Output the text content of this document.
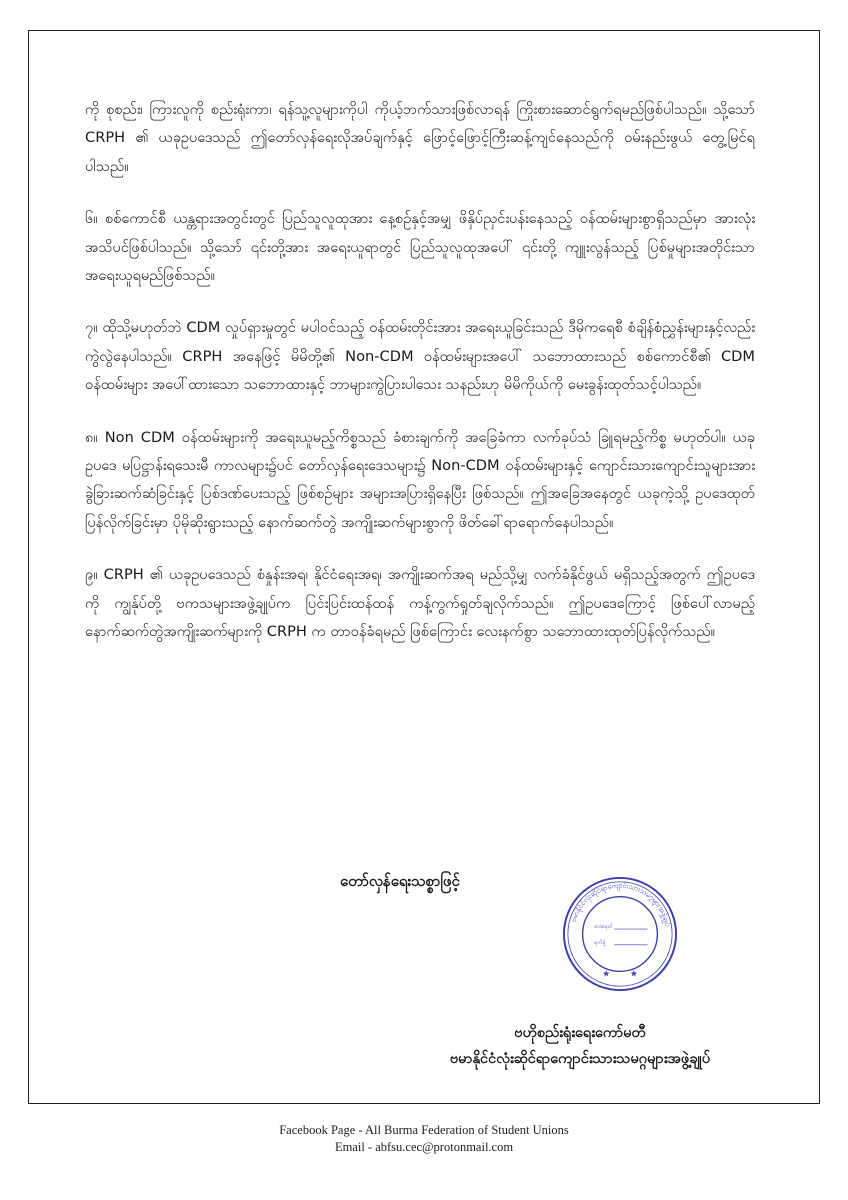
ကို စုစည်း၊ ကြားလူကို စည်းရုံးကာ၊ ရန်သူ့လူများကိုပါ ကိုယ့်ဘက်သားဖြစ်လာရန် ကြိုးစားဆောင်ရွက်ရမည်ဖြစ်ပါသည်။ သို့သော် CRPH ၏ ယခုဥပဒေသည် ဤတော်လှန်ရေးလိုအပ်ချက်နှင့် ဖြောင့်ဖြောင့်ကြီးဆန့်ကျင်နေသည်ကို ဝမ်းနည်းဖွယ် တွေ့မြင်ရပါသည်။

၆။ စစ်ကောင်စီ ယန္တရားအတွင်းတွင် ပြည်သူလူထုအား နေ့စဉ်နှင့်အမျှ ဖိနှိပ်ညှင်းပန်းနေသည့် ဝန်ထမ်းများစွာရှိသည်မှာ အားလုံးအသိပင်ဖြစ်ပါသည်။ သို့သော် ၎င်းတို့အား အရေးယူရာတွင် ပြည်သူလူထုအပေါ် ၎င်းတို့ ကျူးလွန်သည့် ပြစ်မှုများအတိုင်းသာ အရေးယူရမည်ဖြစ်သည်။

၇။ ထိုသို့မဟုတ်ဘဲ CDM လှုပ်ရှားမှုတွင် မပါဝင်သည့် ဝန်ထမ်းတိုင်းအား အရေးယူခြင်းသည် ဒီမိုကရေစီ စံချိန်စံညွှန်းများနှင့်လည်း ကွဲလွဲနေပါသည်။ CRPH အနေဖြင့် မိမိတို့၏ Non-CDM ဝန်ထမ်းများအပေါ် သဘောထားသည် စစ်ကောင်စီ၏ CDM ဝန်ထမ်းများ အပေါ်ထားသော သဘောထားနှင့် ဘာများကွဲပြားပါသေး သနည်းဟု မိမိကိုယ်ကို မေးခွန်းထုတ်သင့်ပါသည်။

၈။ Non CDM ဝန်ထမ်းများကို အရေးယူမည့်ကိစ္စသည် ခံစားချက်ကို အခြေခံကာ လက်ခုပ်သံ ခြူရမည့်ကိစ္စ မဟုတ်ပါ။ ယခုဥပဒေ မပြဋ္ဌာန်းရသေးမီ ကာလများ၌ပင် တော်လှန်ရေးဒေသများ၌ Non-CDM ဝန်ထမ်းများနှင့် ကျောင်းသားကျောင်းသူများအား ခွဲခြားဆက်ဆံခြင်းနှင့် ပြစ်ဒဏ်ပေးသည့် ဖြစ်စဉ်များ အများအပြားရှိနေပြီး ဖြစ်သည်။ ဤအခြေအနေတွင် ယခုကဲ့သို့ ဥပဒေထုတ်ပြန်လိုက်ခြင်းမှာ ပိုမိုဆိုးရွားသည့် နောက်ဆက်တွဲ အကျိုးဆက်များစွာကို ဖိတ်ခေါ်ရာရောက်နေပါသည်။

၉။ CRPH ၏ ယခုဥပဒေသည် စံနှုန်းအရ၊ နိုင်ငံရေးအရ၊ အကျိုးဆက်အရ မည်သို့မျှ လက်ခံနိုင်ဖွယ် မရှိသည့်အတွက် ဤဥပဒေကို ကျွန်ုပ်တို့ ဗကသများအဖွဲ့ချုပ်က ပြင်းပြင်းထန်ထန် ကန့်ကွက်ရှုတ်ချလိုက်သည်။ ဤဥပဒေကြောင့် ဖြစ်ပေါ်လာမည့် နောက်ဆက်တွဲအကျိုးဆက်များကို CRPH က တာဝန်ခံရမည် ဖြစ်ကြောင်း လေးနက်စွာ သဘောထားထုတ်ပြန်လိုက်သည်။

တော်လှန်ရေးသစ္စာဖြင့်
ဗမာနိုင်ငံလုံးဆိုင်ရာကျောင်းသားသမဂ္ဂများအဖွဲ့ချုပ်
★ ★
စာအမှတ်
ရက်စွဲ
ဗဟိုစည်းရုံးရေးကော်မတီ
ဗမာနိုင်ငံလုံးဆိုင်ရာကျောင်းသားသမဂ္ဂများအဖွဲ့ချုပ်
Facebook Page - All Burma Federation of Student Unions
Email - abfsu.cec@protonmail.com
